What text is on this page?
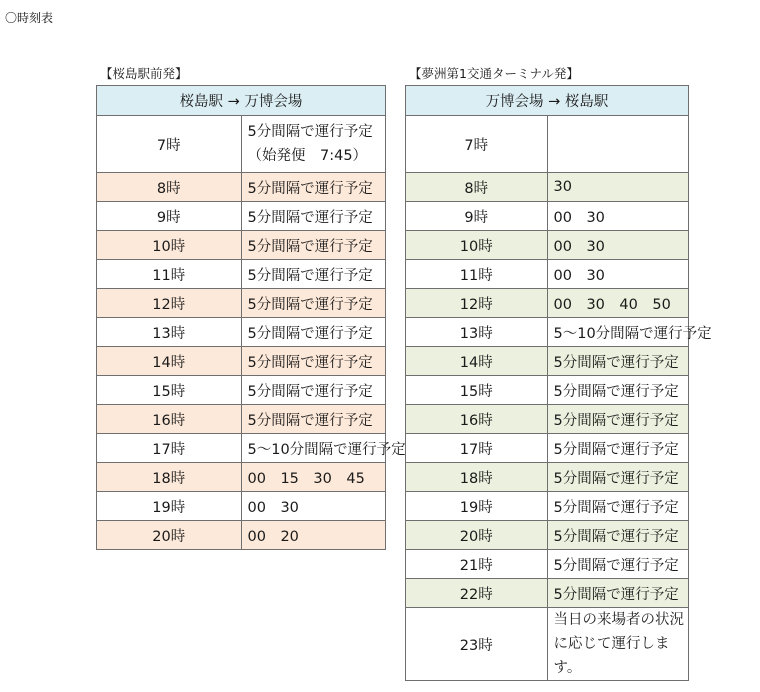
〇時刻表
【桜島駅前発】
桜島駅 → 万博会場	
7時	5分間隔で運行予定（始発便　7:45）
8時	5分間隔で運行予定
9時	5分間隔で運行予定
10時	5分間隔で運行予定
11時	5分間隔で運行予定
12時	5分間隔で運行予定
13時	5分間隔で運行予定
14時	5分間隔で運行予定
15時	5分間隔で運行予定
16時	5分間隔で運行予定
17時	5～10分間隔で運行予定
18時	00　15　30　45
19時	00　30
20時	00　20
【夢洲第1交通ターミナル発】
万博会場 → 桜島駅	
7時	
8時	30
9時	00　30
10時	00　30
11時	00　30
12時	00　30　40　50
13時	5～10分間隔で運行予定
14時	5分間隔で運行予定
15時	5分間隔で運行予定
16時	5分間隔で運行予定
17時	5分間隔で運行予定
18時	5分間隔で運行予定
19時	5分間隔で運行予定
20時	5分間隔で運行予定
21時	5分間隔で運行予定
22時	5分間隔で運行予定
23時	当日の来場者の状況に応じて運行します。
